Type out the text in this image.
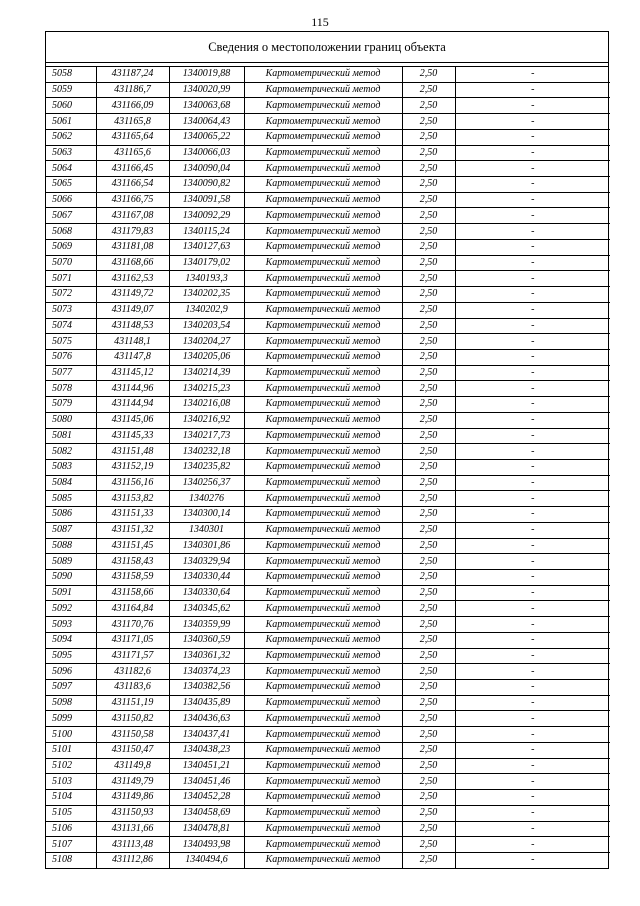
115
Сведения о местоположении границ объекта
5058	431187,24	1340019,88	Картометрический метод	2,50	-
5059	431186,7	1340020,99	Картометрический метод	2,50	-
5060	431166,09	1340063,68	Картометрический метод	2,50	-
5061	431165,8	1340064,43	Картометрический метод	2,50	-
5062	431165,64	1340065,22	Картометрический метод	2,50	-
5063	431165,6	1340066,03	Картометрический метод	2,50	-
5064	431166,45	1340090,04	Картометрический метод	2,50	-
5065	431166,54	1340090,82	Картометрический метод	2,50	-
5066	431166,75	1340091,58	Картометрический метод	2,50	-
5067	431167,08	1340092,29	Картометрический метод	2,50	-
5068	431179,83	1340115,24	Картометрический метод	2,50	-
5069	431181,08	1340127,63	Картометрический метод	2,50	-
5070	431168,66	1340179,02	Картометрический метод	2,50	-
5071	431162,53	1340193,3	Картометрический метод	2,50	-
5072	431149,72	1340202,35	Картометрический метод	2,50	-
5073	431149,07	1340202,9	Картометрический метод	2,50	-
5074	431148,53	1340203,54	Картометрический метод	2,50	-
5075	431148,1	1340204,27	Картометрический метод	2,50	-
5076	431147,8	1340205,06	Картометрический метод	2,50	-
5077	431145,12	1340214,39	Картометрический метод	2,50	-
5078	431144,96	1340215,23	Картометрический метод	2,50	-
5079	431144,94	1340216,08	Картометрический метод	2,50	-
5080	431145,06	1340216,92	Картометрический метод	2,50	-
5081	431145,33	1340217,73	Картометрический метод	2,50	-
5082	431151,48	1340232,18	Картометрический метод	2,50	-
5083	431152,19	1340235,82	Картометрический метод	2,50	-
5084	431156,16	1340256,37	Картометрический метод	2,50	-
5085	431153,82	1340276	Картометрический метод	2,50	-
5086	431151,33	1340300,14	Картометрический метод	2,50	-
5087	431151,32	1340301	Картометрический метод	2,50	-
5088	431151,45	1340301,86	Картометрический метод	2,50	-
5089	431158,43	1340329,94	Картометрический метод	2,50	-
5090	431158,59	1340330,44	Картометрический метод	2,50	-
5091	431158,66	1340330,64	Картометрический метод	2,50	-
5092	431164,84	1340345,62	Картометрический метод	2,50	-
5093	431170,76	1340359,99	Картометрический метод	2,50	-
5094	431171,05	1340360,59	Картометрический метод	2,50	-
5095	431171,57	1340361,32	Картометрический метод	2,50	-
5096	431182,6	1340374,23	Картометрический метод	2,50	-
5097	431183,6	1340382,56	Картометрический метод	2,50	-
5098	431151,19	1340435,89	Картометрический метод	2,50	-
5099	431150,82	1340436,63	Картометрический метод	2,50	-
5100	431150,58	1340437,41	Картометрический метод	2,50	-
5101	431150,47	1340438,23	Картометрический метод	2,50	-
5102	431149,8	1340451,21	Картометрический метод	2,50	-
5103	431149,79	1340451,46	Картометрический метод	2,50	-
5104	431149,86	1340452,28	Картометрический метод	2,50	-
5105	431150,93	1340458,69	Картометрический метод	2,50	-
5106	431131,66	1340478,81	Картометрический метод	2,50	-
5107	431113,48	1340493,98	Картометрический метод	2,50	-
5108	431112,86	1340494,6	Картометрический метод	2,50	-
